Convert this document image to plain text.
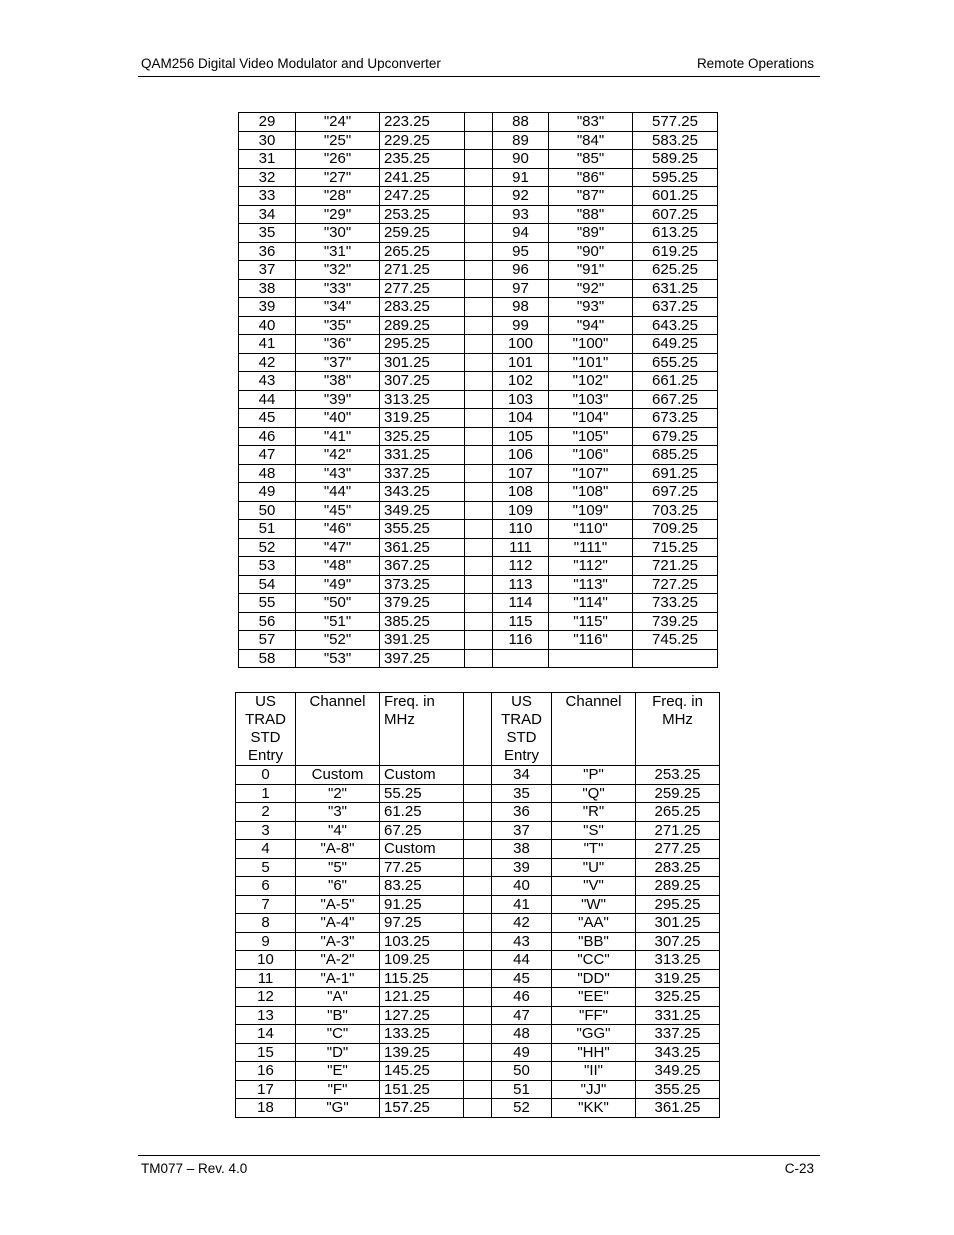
QAM256 Digital Video Modulator and Upconverter	Remote Operations
29	"24"	223.25		88	"83"	577.25
30	"25"	229.25		89	"84"	583.25
31	"26"	235.25		90	"85"	589.25
32	"27"	241.25		91	"86"	595.25
33	"28"	247.25		92	"87"	601.25
34	"29"	253.25		93	"88"	607.25
35	"30"	259.25		94	"89"	613.25
36	"31"	265.25		95	"90"	619.25
37	"32"	271.25		96	"91"	625.25
38	"33"	277.25		97	"92"	631.25
39	"34"	283.25		98	"93"	637.25
40	"35"	289.25		99	"94"	643.25
41	"36"	295.25		100	"100"	649.25
42	"37"	301.25		101	"101"	655.25
43	"38"	307.25		102	"102"	661.25
44	"39"	313.25		103	"103"	667.25
45	"40"	319.25		104	"104"	673.25
46	"41"	325.25		105	"105"	679.25
47	"42"	331.25		106	"106"	685.25
48	"43"	337.25		107	"107"	691.25
49	"44"	343.25		108	"108"	697.25
50	"45"	349.25		109	"109"	703.25
51	"46"	355.25		110	"110"	709.25
52	"47"	361.25		111	"111"	715.25
53	"48"	367.25		112	"112"	721.25
54	"49"	373.25		113	"113"	727.25
55	"50"	379.25		114	"114"	733.25
56	"51"	385.25		115	"115"	739.25
57	"52"	391.25		116	"116"	745.25
58	"53"	397.25				
US TRAD STD Entry	Channel	Freq. in MHz		US TRAD STD Entry	Channel	Freq. in MHz
0	Custom	Custom		34	"P"	253.25
1	"2"	55.25		35	"Q"	259.25
2	"3"	61.25		36	"R"	265.25
3	"4"	67.25		37	"S"	271.25
4	"A-8"	Custom		38	"T"	277.25
5	"5"	77.25		39	"U"	283.25
6	"6"	83.25		40	"V"	289.25
7	"A-5"	91.25		41	"W"	295.25
8	"A-4"	97.25		42	"AA"	301.25
9	"A-3"	103.25		43	"BB"	307.25
10	"A-2"	109.25		44	"CC"	313.25
11	"A-1"	115.25		45	"DD"	319.25
12	"A"	121.25		46	"EE"	325.25
13	"B"	127.25		47	"FF"	331.25
14	"C"	133.25		48	"GG"	337.25
15	"D"	139.25		49	"HH"	343.25
16	"E"	145.25		50	"II"	349.25
17	"F"	151.25		51	"JJ"	355.25
18	"G"	157.25		52	"KK"	361.25
TM077 – Rev. 4.0	C-23
